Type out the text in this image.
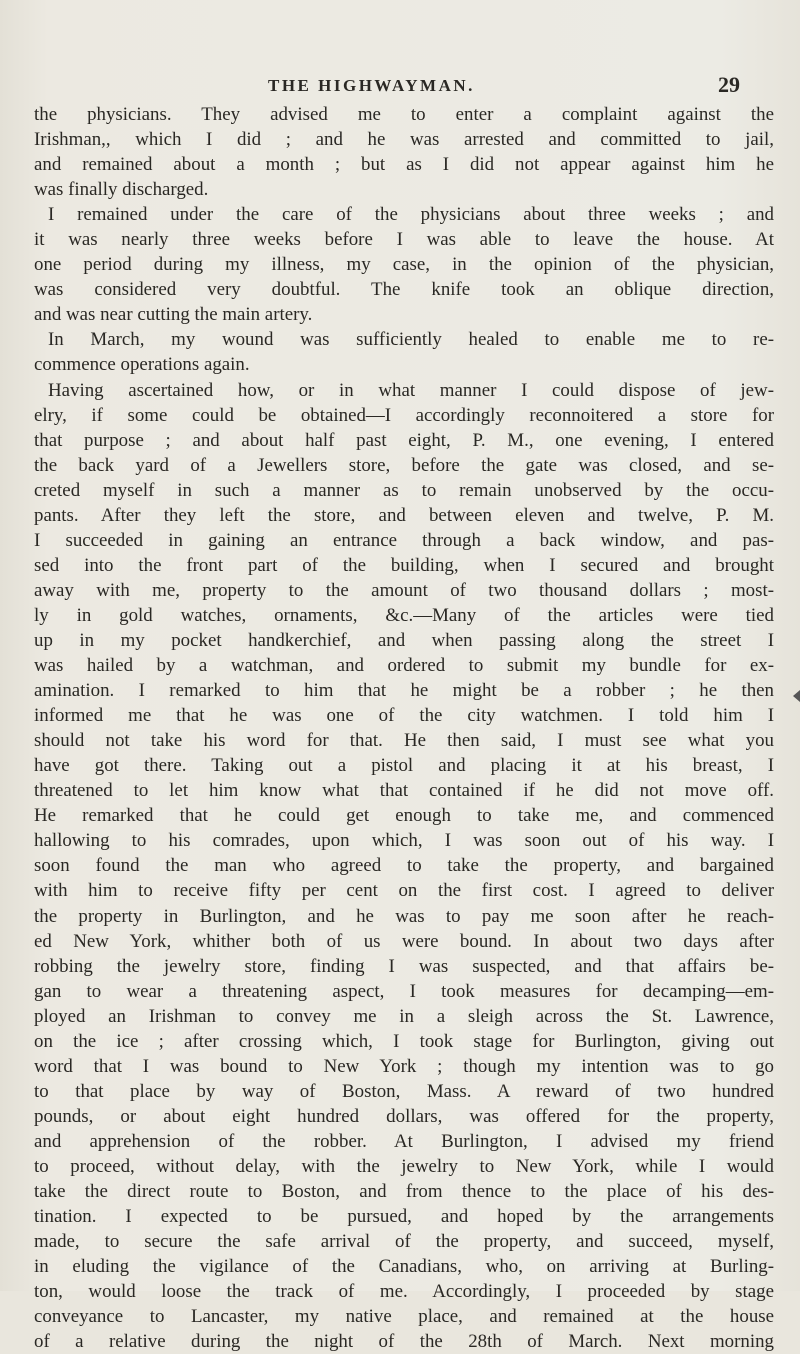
THE HIGHWAYMAN.	29
the physicians. They advised me to enter a complaint against the
Irishman,, which I did ; and he was arrested and committed to jail,
and remained about a month ; but as I did not appear against him he
was finally discharged.
I remained under the care of the physicians about three weeks ; and
it was nearly three weeks before I was able to leave the house. At
one period during my illness, my case, in the opinion of the physician,
was considered very doubtful. The knife took an oblique direction,
and was near cutting the main artery.
In March, my wound was sufficiently healed to enable me to re-
commence operations again.
Having ascertained how, or in what manner I could dispose of jew-
elry, if some could be obtained—I accordingly reconnoitered a store for
that purpose ; and about half past eight, P. M., one evening, I entered
the back yard of a Jewellers store, before the gate was closed, and se-
creted myself in such a manner as to remain unobserved by the occu-
pants. After they left the store, and between eleven and twelve, P. M.
I succeeded in gaining an entrance through a back window, and pas-
sed into the front part of the building, when I secured and brought
away with me, property to the amount of two thousand dollars ; most-
ly in gold watches, ornaments, &c.—Many of the articles were tied
up in my pocket handkerchief, and when passing along the street I
was hailed by a watchman, and ordered to submit my bundle for ex-
amination. I remarked to him that he might be a robber ; he then
informed me that he was one of the city watchmen. I told him I
should not take his word for that. He then said, I must see what you
have got there. Taking out a pistol and placing it at his breast, I
threatened to let him know what that contained if he did not move off.
He remarked that he could get enough to take me, and commenced
hallowing to his comrades, upon which, I was soon out of his way. I
soon found the man who agreed to take the property, and bargained
with him to receive fifty per cent on the first cost. I agreed to deliver
the property in Burlington, and he was to pay me soon after he reach-
ed New York, whither both of us were bound. In about two days after
robbing the jewelry store, finding I was suspected, and that affairs be-
gan to wear a threatening aspect, I took measures for decamping—em-
ployed an Irishman to convey me in a sleigh across the St. Lawrence,
on the ice ; after crossing which, I took stage for Burlington, giving out
word that I was bound to New York ; though my intention was to go
to that place by way of Boston, Mass. A reward of two hundred
pounds, or about eight hundred dollars, was offered for the property,
and apprehension of the robber. At Burlington, I advised my friend
to proceed, without delay, with the jewelry to New York, while I would
take the direct route to Boston, and from thence to the place of his des-
tination. I expected to be pursued, and hoped by the arrangements
made, to secure the safe arrival of the property, and succeed, myself,
in eluding the vigilance of the Canadians, who, on arriving at Burling-
ton, would loose the track of me. Accordingly, I proceeded by stage
conveyance to Lancaster, my native place, and remained at the house
of a relative during the night of the 28th of March. Next morning
